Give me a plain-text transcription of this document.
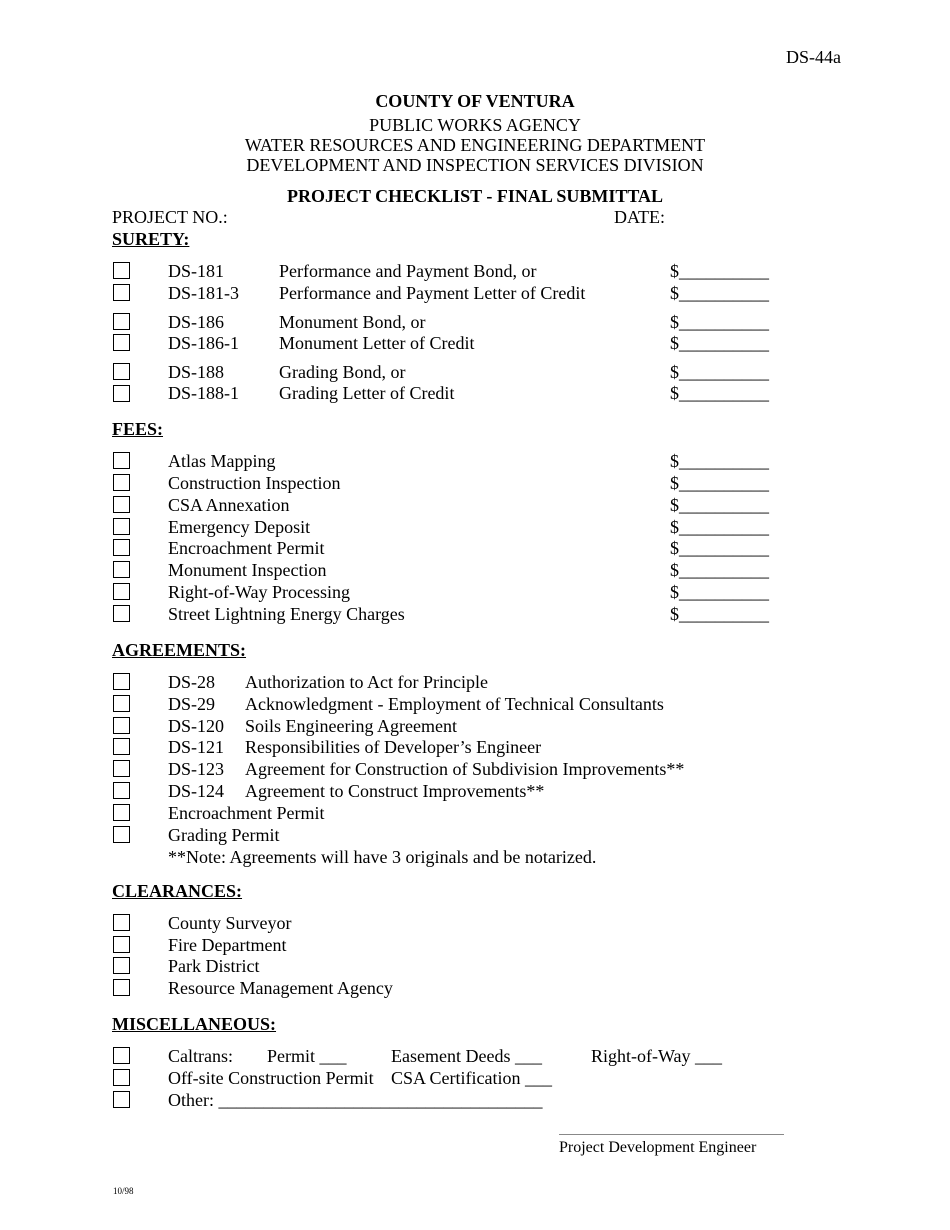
DS-44a
COUNTY OF VENTURA
PUBLIC WORKS AGENCY
WATER RESOURCES AND ENGINEERING DEPARTMENT
DEVELOPMENT AND INSPECTION SERVICES DIVISION
PROJECT CHECKLIST - FINAL SUBMITTAL
PROJECT NO.:	DATE:
SURETY:
DS-181	Performance and Payment Bond, or	$__________
DS-181-3 Performance and Payment Letter of Credit	$__________
DS-186	Monument Bond, or	$__________
DS-186-1 Monument Letter of Credit	$__________
DS-188	Grading Bond, or	$__________
DS-188-1 Grading Letter of Credit	$__________
FEES:
Atlas Mapping	$__________
Construction Inspection	$__________
CSA Annexation	$__________
Emergency Deposit	$__________
Encroachment Permit	$__________
Monument Inspection	$__________
Right-of-Way Processing	$__________
Street Lightning Energy Charges	$__________
AGREEMENTS:
DS-28 Authorization to Act for Principle
DS-29 Acknowledgment - Employment of Technical Consultants
DS-120 Soils Engineering Agreement
DS-121 Responsibilities of Developer’s Engineer
DS-123 Agreement for Construction of Subdivision Improvements**
DS-124 Agreement to Construct Improvements**
Encroachment Permit
Grading Permit
**Note: Agreements will have 3 originals and be notarized.
CLEARANCES:
County Surveyor
Fire Department
Park District
Resource Management Agency
MISCELLANEOUS:
Caltrans: Permit ___ Easement Deeds ___	Right-of-Way ___
Off-site Construction Permit CSA Certification ___
Other: ____________________________________
Project Development Engineer
10/98
